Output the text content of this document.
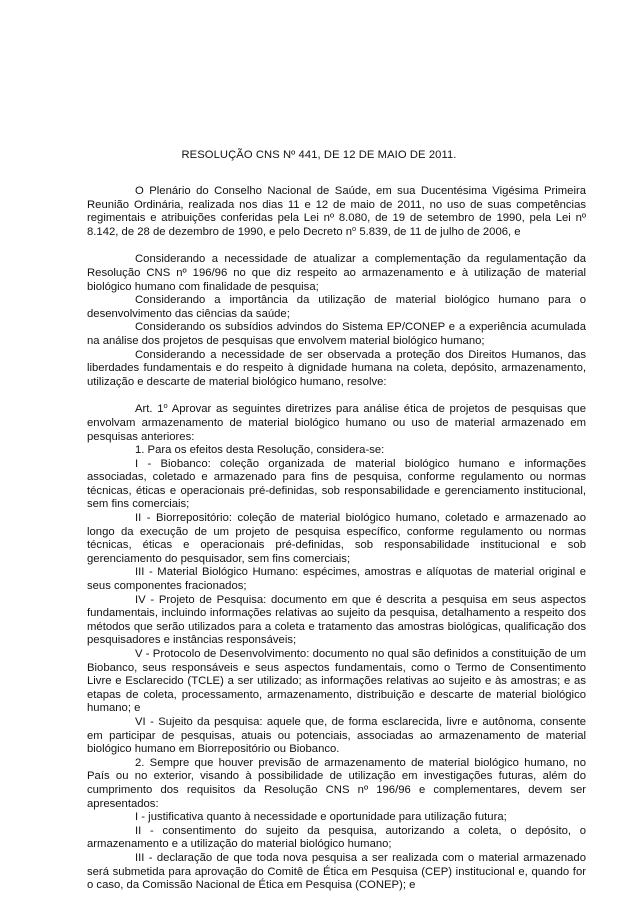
RESOLUÇÃO CNS Nº 441, DE 12 DE MAIO DE 2011.

O Plenário do Conselho Nacional de Saúde, em sua Ducentésima Vigésima Primeira Reunião Ordinária, realizada nos dias 11 e 12 de maio de 2011, no uso de suas competências regimentais e atribuições conferidas pela Lei nº 8.080, de 19 de setembro de 1990, pela Lei nº 8.142, de 28 de dezembro de 1990, e pelo Decreto $n^o$ 5.839, de 11 de julho de 2006, e

Considerando a necessidade de atualizar a complementação da regulamentação da Resolução CNS nº 196/96 no que diz respeito ao armazenamento e à utilização de material biológico humano com finalidade de pesquisa;

Considerando a importância da utilização de material biológico humano para o desenvolvimento das ciências da saúde;

Considerando os subsídios advindos do Sistema EP/CONEP e a experiência acumulada na análise dos projetos de pesquisas que envolvem material biológico humano;

Considerando a necessidade de ser observada a proteção dos Direitos Humanos, das liberdades fundamentais e do respeito à dignidade humana na coleta, depósito, armazenamento, utilização e descarte de material biológico humano, resolve:

Art. 1$^o$ Aprovar as seguintes diretrizes para análise ética de projetos de pesquisas que envolvam armazenamento de material biológico humano ou uso de material armazenado em pesquisas anteriores:

1. Para os efeitos desta Resolução, considera-se:

I - Biobanco: coleção organizada de material biológico humano e informações associadas, coletado e armazenado para fins de pesquisa, conforme regulamento ou normas técnicas, éticas e operacionais pré-definidas, sob responsabilidade e gerenciamento institucional, sem fins comerciais;

II - Biorrepositório: coleção de material biológico humano, coletado e armazenado ao longo da execução de um projeto de pesquisa específico, conforme regulamento ou normas técnicas, éticas e operacionais pré-definidas, sob responsabilidade institucional e sob gerenciamento do pesquisador, sem fins comerciais;

III - Material Biológico Humano: espécimes, amostras e alíquotas de material original e seus componentes fracionados;

IV - Projeto de Pesquisa: documento em que é descrita a pesquisa em seus aspectos fundamentais, incluindo informações relativas ao sujeito da pesquisa, detalhamento a respeito dos métodos que serão utilizados para a coleta e tratamento das amostras biológicas, qualificação dos pesquisadores e instâncias responsáveis;

V - Protocolo de Desenvolvimento: documento no qual são definidos a constituição de um Biobanco, seus responsáveis e seus aspectos fundamentais, como o Termo de Consentimento Livre e Esclarecido (TCLE) a ser utilizado; as informações relativas ao sujeito e às amostras; e as etapas de coleta, processamento, armazenamento, distribuição e descarte de material biológico humano; e

VI - Sujeito da pesquisa: aquele que, de forma esclarecida, livre e autônoma, consente em participar de pesquisas, atuais ou potenciais, associadas ao armazenamento de material biológico humano em Biorrepositório ou Biobanco.

2. Sempre que houver previsão de armazenamento de material biológico humano, no País ou no exterior, visando à possibilidade de utilização em investigações futuras, além do cumprimento dos requisitos da Resolução CNS nº 196/96 e complementares, devem ser apresentados:

I - justificativa quanto à necessidade e oportunidade para utilização futura;

II - consentimento do sujeito da pesquisa, autorizando a coleta, o depósito, o armazenamento e a utilização do material biológico humano;

III - declaração de que toda nova pesquisa a ser realizada com o material armazenado será submetida para aprovação do Comitê de Ética em Pesquisa (CEP) institucional e, quando for o caso, da Comissão Nacional de Ética em Pesquisa (CONEP); e
